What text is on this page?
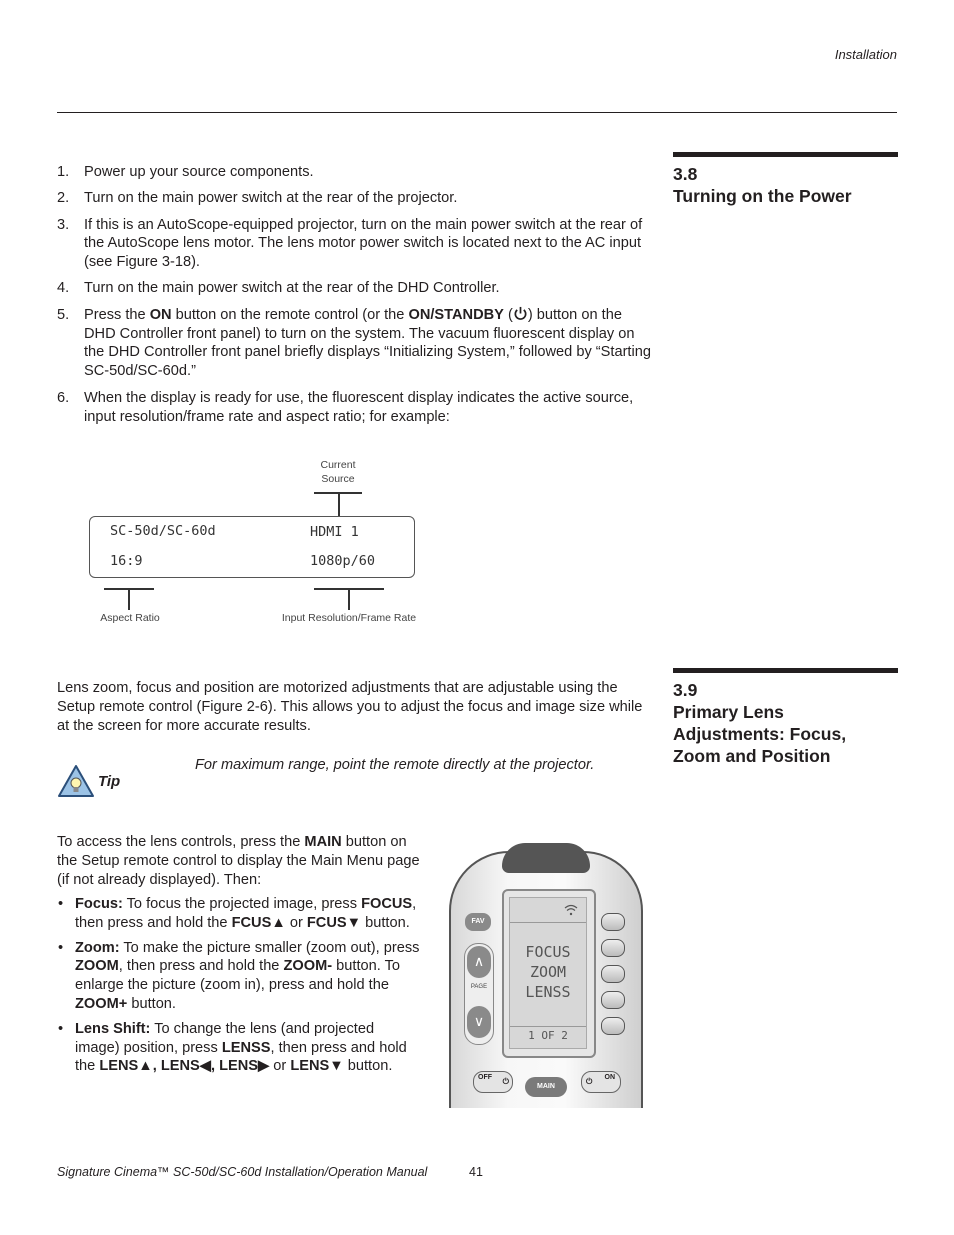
Installation
3.8
Turning on the Power
1. Power up your source components.
2. Turn on the main power switch at the rear of the projector.
3. If this is an AutoScope-equipped projector, turn on the main power switch at the rear of the AutoScope lens motor. The lens motor power switch is located next to the AC input (see Figure 3-18).
4. Turn on the main power switch at the rear of the DHD Controller.
5. Press the ON button on the remote control (or the ON/STANDBY ( ) button on the DHD Controller front panel) to turn on the system. The vacuum fluorescent display on the DHD Controller front panel briefly displays “Initializing System,” followed by “Starting SC-50d/SC-60d.”
6. When the display is ready for use, the fluorescent display indicates the active source, input resolution/frame rate and aspect ratio; for example:
Current
Source
SC-50d/SC-60d	HDMI 1
16:9	1080p/60
Aspect Ratio	Input Resolution/Frame Rate
3.9
Primary Lens
Adjustments: Focus,
Zoom and Position
Lens zoom, focus and position are motorized adjustments that are adjustable using the Setup remote control (Figure 2-6). This allows you to adjust the focus and image size while at the screen for more accurate results.
Tip
For maximum range, point the remote directly at the projector.
To access the lens controls, press the MAIN button on the Setup remote control to display the Main Menu page (if not already displayed). Then:
• Focus: To focus the projected image, press FOCUS, then press and hold the FCUS▲ or FCUS▼ button.
• Zoom: To make the picture smaller (zoom out), press ZOOM, then press and hold the ZOOM- button. To enlarge the picture (zoom in), press and hold the ZOOM+ button.
• Lens Shift: To change the lens (and projected image) position, press LENSS, then press and hold the LENS▲, LENS◀, LENS▶ or LENS▼ button.
FOCUS
ZOOM
LENSS
1 OF 2
FAV
∧
PAGE
∨
OFF ⏻
MAIN
⏻ ON
Signature Cinema™ SC-50d/SC-60d Installation/Operation Manual	41
